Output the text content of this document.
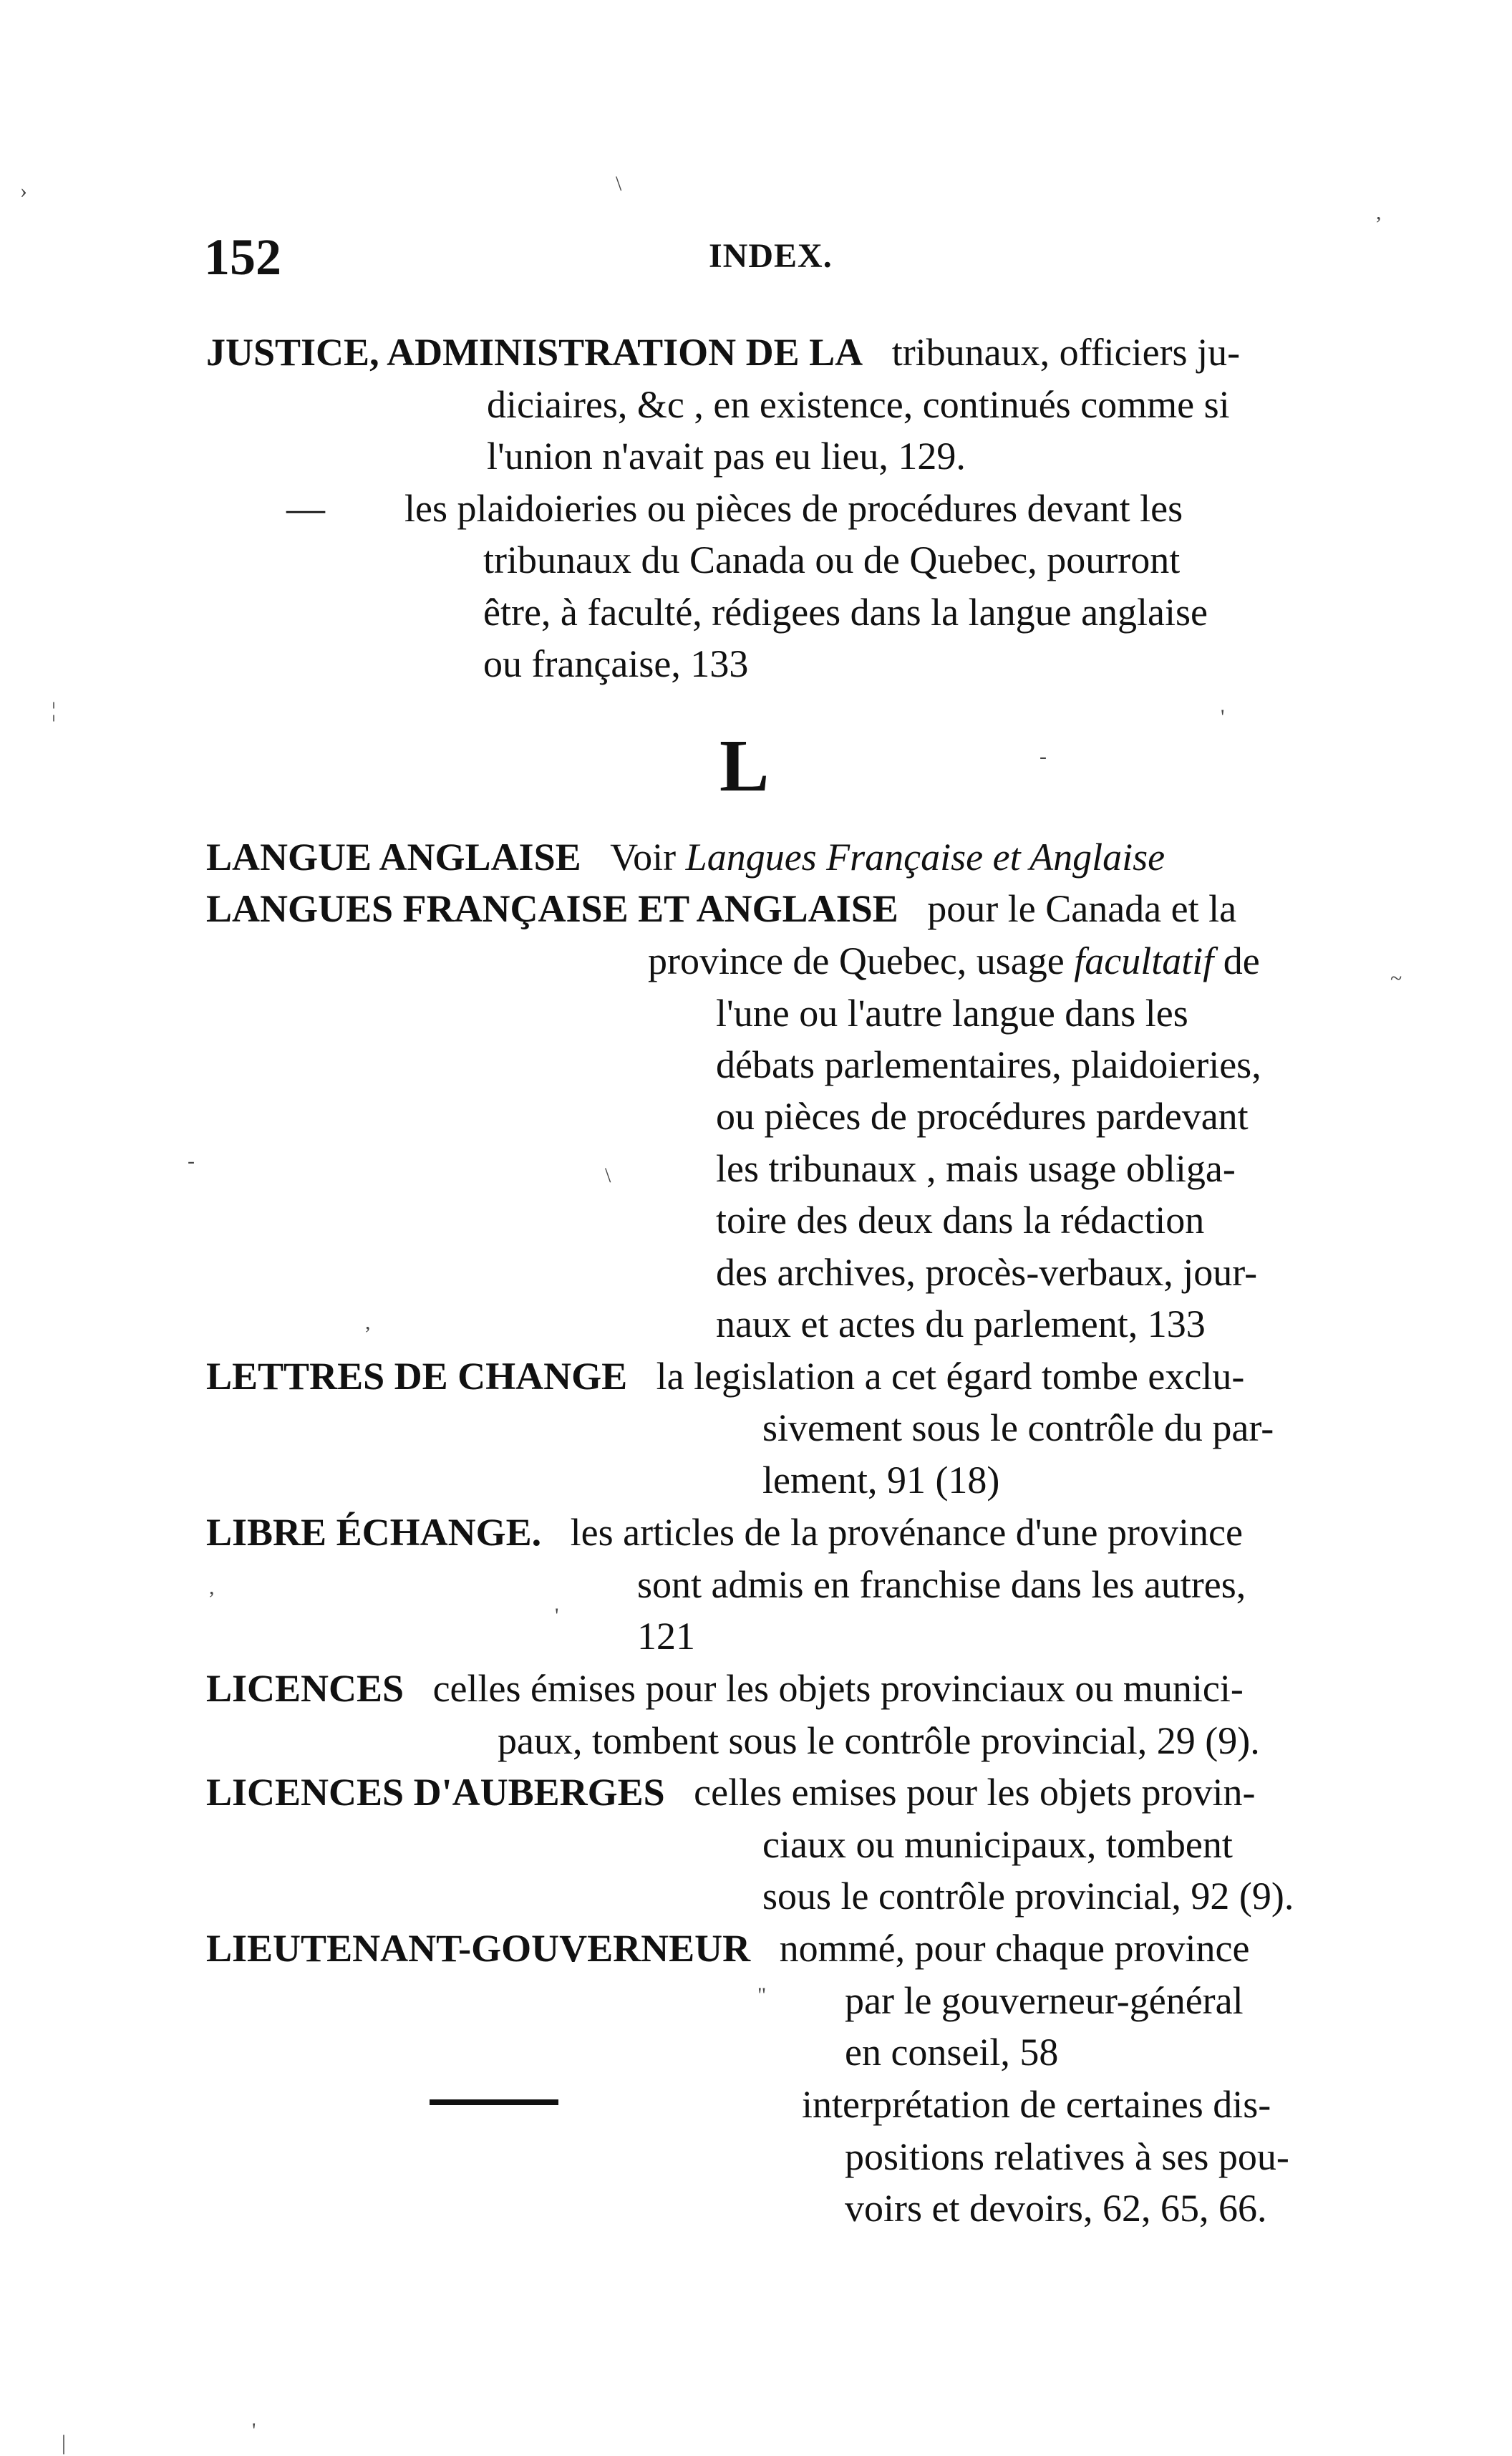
›	\
,
¦
152	INDEX.
JUSTICE, ADMINISTRATION DE LA tribunaux, officiers ju-
diciaires, &c , en existence, continués comme si
l'union n'avait pas eu lieu, 129.
— les plaidoieries ou pièces de procédures devant les
tribunaux du Canada ou de Quebec, pourront
être, à faculté, rédigees dans la langue anglaise
ou française, 133
L	-
'
LANGUE ANGLAISE Voir Langues Française et Anglaise
LANGUES FRANÇAISE ET ANGLAISE pour le Canada et la
province de Quebec, usage facultatif de	~
l'une ou l'autre langue dans les
débats parlementaires, plaidoieries,
ou pièces de procédures pardevant
-
\	les tribunaux , mais usage obliga-
toire des deux dans la rédaction
des archives, procès-verbaux, jour-
,	naux et actes du parlement, 133
LETTRES DE CHANGE la legislation a cet égard tombe exclu-
sivement sous le contrôle du par-
lement, 91 (18)
LIBRE ÉCHANGE. les articles de la provénance d'une province
,	sont admis en franchise dans les autres,
' 121
LICENCES celles émises pour les objets provinciaux ou munici-
paux, tombent sous le contrôle provincial, 29 (9).
LICENCES D'AUBERGES celles emises pour les objets provin-
ciaux ou municipaux, tombent
sous le contrôle provincial, 92 (9).
LIEUTENANT-GOUVERNEUR nommé, pour chaque province
" par le gouverneur-général
en conseil, 58
interprétation de certaines dis-
positions relatives à ses pou-
voirs et devoirs, 62, 65, 66.
'
|
